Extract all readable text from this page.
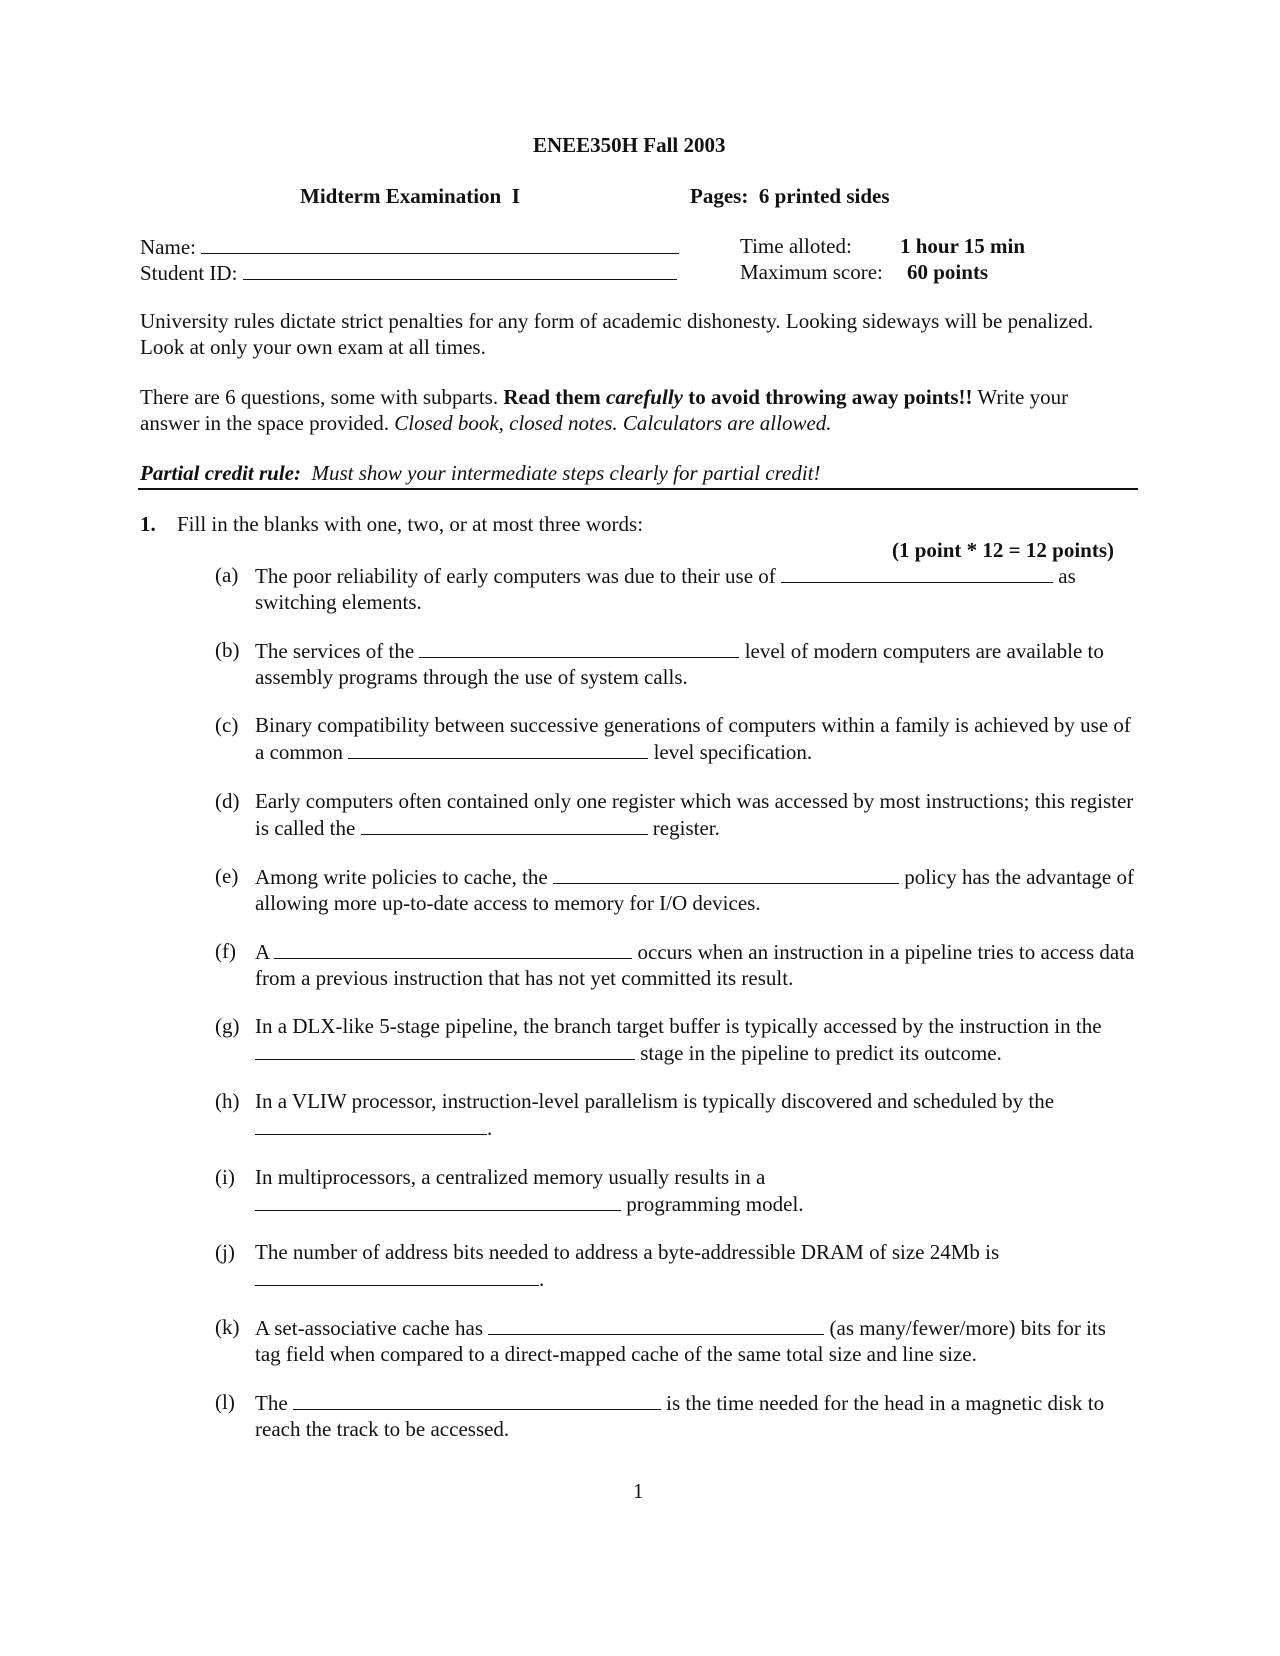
ENEE350H Fall 2003
Midterm Examination  I	Pages:  6 printed sides
Name:
Student ID:
Time alloted: 1 hour 15 min
Maximum score: 60 points
University rules dictate strict penalties for any form of academic dishonesty. Looking sideways will be penalized. Look at only your own exam at all times.
There are 6 questions, some with subparts. Read them carefully to avoid throwing away points!! Write your answer in the space provided. Closed book, closed notes. Calculators are allowed.
Partial credit rule:  Must show your intermediate steps clearly for partial credit!
1. Fill in the blanks with one, two, or at most three words:
(1 point * 12 = 12 points)
(a) The poor reliability of early computers was due to their use of	as switching elements.
(b) The services of the	level of modern computers are available to assembly programs through the use of system calls.
(c) Binary compatibility between successive generations of computers within a family is achieved by use of a common	level specification.
(d) Early computers often contained only one register which was accessed by most instructions; this register is called the	register.
(e) Among write policies to cache, the	policy has the advantage of allowing more up-to-date access to memory for I/O devices.
(f) A	occurs when an instruction in a pipeline tries to access data from a previous instruction that has not yet committed its result.
(g) In a DLX-like 5-stage pipeline, the branch target buffer is typically accessed by the instruction in the  stage in the pipeline to predict its outcome.
(h) In a VLIW processor, instruction-level parallelism is typically discovered and scheduled by the .
(i) In multiprocessors, a centralized memory usually results in a  programming model.
(j) The number of address bits needed to address a byte-addressible DRAM of size 24Mb is .
(k) A set-associative cache has	(as many/fewer/more) bits for its tag field when compared to a direct-mapped cache of the same total size and line size.
(l) The	is the time needed for the head in a magnetic disk to reach the track to be accessed.
1
